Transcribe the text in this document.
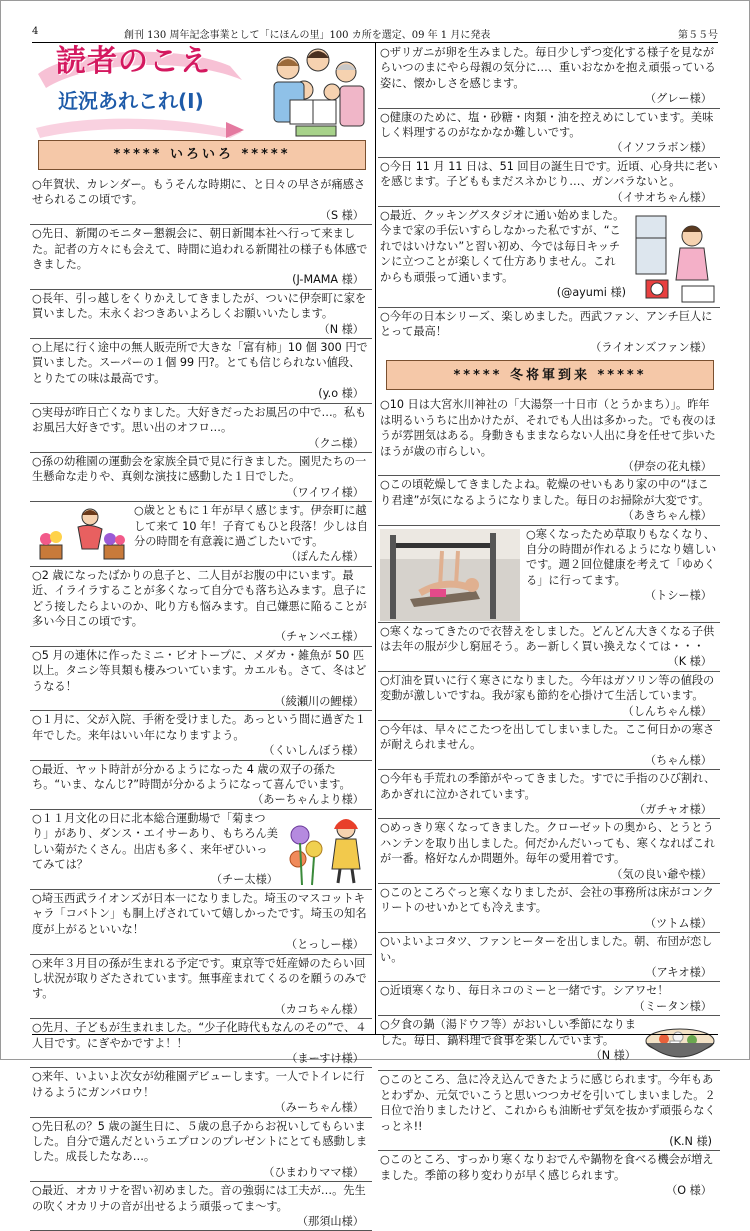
4	創刊 130 周年記念事業として「にほんの里」100 カ所を選定、09 年 1 月に発表	第５５号
読者のこえ
近況あれこれ(Ⅰ)
***** いろいろ *****
○年賀状、カレンダー。もうそんな時期に、と日々の早さが痛感させられるこの頃です。
（S 様）
○先日、新聞のモニター懇親会に、朝日新聞本社へ行って来ました。記者の方々にも会えて、時間に追われる新聞社の様子も体感できました。
(J-MAMA 様）
○長年、引っ越しをくりかえしてきましたが、ついに伊奈町に家を買いました。末永くおつきあいよろしくお願いいたします。
（N 様）
○上尾に行く途中の無人販売所で大きな「富有柿」10 個 300 円で買いました。スーパーの１個 99 円?。とても信じられない値段、とりたての味は最高です。
(y.o 様）
○実母が昨日亡くなりました。大好きだったお風呂の中で…。私もお風呂大好きです。思い出のオフロ…。
（クニ様）
○孫の幼稚園の運動会を家族全員で見に行きました。園児たちの一生懸命な走りや、真剣な演技に感動した１日でした。
（ワイワイ様）
○歳とともに１年が早く感じます。伊奈町に越して来て 10 年！子育てもひと段落！少しは自分の時間を有意義に過ごしたいです。
（ぽんたん様）
○2 歳になったばかりの息子と、二人目がお腹の中にいます。最近、イライラすることが多くなって自分でも落ち込みます。息子にどう接したらよいのか、叱り方も悩みます。自己嫌悪に陥ることが多い今日この頃です。
（チャンベエ様）
○5 月の連休に作ったミニ・ビオトープに、メダカ・雑魚が 50 匹以上。タニシ等貝類も棲みついています。カエルも。さて、冬はどうなる！
（綾瀬川の鯉様）
○１月に、父が入院、手術を受けました。あっという間に過ぎた１年でした。来年はいい年になりますよう。
（くいしんぼう様）
○最近、ヤット時計が分かるようになった 4 歳の双子の孫たち。“いま、なんじ?”時間が分かるようになって喜んでいます。
（あーちゃんより様）
○１１月文化の日に北本総合運動場で「菊まつり」があり、ダンス・エイサーあり、もちろん美しい菊がたくさん。出店も多く、来年ぜひいってみては？
（チー太様）
○埼玉西武ライオンズが日本一になりました。埼玉のマスコットキャラ「コバトン」も胴上げされていて嬉しかったです。埼玉の知名度が上がるといいな！
（とっしー様）
○来年３月目の孫が生まれる予定です。東京等で妊産婦のたらい回し状況が取りざたされています。無事産まれてくるのを願うのみです。
（カコちゃん様）
○先月、子どもが生まれました。“少子化時代もなんのその”で、４人目です。にぎやかですよ！！
（まーすけ様）
○来年、いよいよ次女が幼稚園デビューします。一人でトイレに行けるようにガンバロウ！
（みーちゃん様）
○先日私の？5 歳の誕生日に、５歳の息子からお祝いしてもらいました。自分で選んだというエプロンのプレゼントにとても感動しました。成長したなあ…。
（ひまわりママ様）
○最近、オカリナを習い初めました。音の強弱には工夫が…。先生の吹くオカリナの音が出せるよう頑張ってま～す。
（那須山様）
○ザリガニが卵を生みました。毎日少しずつ変化する様子を見ながらいつのまにやら母親の気分に…、重いおなかを抱え頑張っている姿に、懐かしさを感じます。
（グレー様）
○健康のために、塩・砂糖・肉類・油を控えめにしています。美味しく料理するのがなかなか難しいです。
（イソフラボン様）
○今日 11 月 11 日は、51 回目の誕生日です。近頃、心身共に老いを感じます。子どももまだスネかじり…、ガンバラないと。
（イサオちゃん様）
○最近、クッキングスタジオに通い始めました。今まで家の手伝いすらしなかった私ですが、“これではいけない”と習い初め、今では毎日キッチンに立つことが楽しくて仕方ありません。これからも頑張って通います。
(@ayumi 様)
○今年の日本シリーズ、楽しめました。西武ファン、アンチ巨人にとって最高！
（ライオンズファン様）
***** 冬将軍到来 *****
○10 日は大宮氷川神社の「大湯祭一十日市（とうかまち）」。昨年は明るいうちに出かけたが、それでも人出は多かった。でも夜のほうが雰囲気はある。身動きもままならない人出に身を任せて歩いたほうが歳の市らしい。
（伊奈の花丸様）
○この頃乾燥してきましたよね。乾燥のせいもあり家の中の“ほこり君達”が気になるようになりました。毎日のお掃除が大変です。
（あきちゃん様）
○寒くなったため草取りもなくなり、自分の時間が作れるようになり嬉しいです。週２回位健康を考えて「ゆめくる」に行ってます。
（トシー様）
○寒くなってきたので衣替えをしました。どんどん大きくなる子供は去年の服が少し窮屈そう。あー新しく買い換えなくては・・・
（K 様）
○灯油を買いに行く寒さになりました。今年はガソリン等の値段の変動が激しいですね。我が家も節約を心掛けて生活しています。
（しんちゃん様）
○今年は、早々にこたつを出してしまいました。ここ何日かの寒さが耐えられません。
（ちゃん様）
○今年も手荒れの季節がやってきました。すでに手指のひび割れ、あかぎれに泣かされています。
（ガチャオ様）
○めっきり寒くなってきました。クローゼットの奥から、とうとうハンテンを取り出しました。何だかんだいっても、寒くなればこれが一番。格好なんか問題外。毎年の愛用着です。
（気の良い爺や様）
○このところぐっと寒くなりましたが、会社の事務所は床がコンクリートのせいかとても冷えます。
（ツトム様）
○いよいよコタツ、ファンヒーターを出しました。朝、布団が恋しい。
（アキオ様）
○近頃寒くなり、毎日ネコのミーと一緒です。シアワセ！
（ミータン様）
○夕食の鍋（湯ドウフ等）がおいしい季節になりました。毎日、鍋料理で食事を楽しんでいます。
（N 様）
○このところ、急に冷え込んできたように感じられます。今年もあとわずか、元気でいこうと思いつつカゼを引いてしまいました。２日位で治りましたけど、これからも油断せず気を抜かず頑張らなくっとネ!!
(K.N 様)
○このところ、すっかり寒くなりおでんや鍋物を食べる機会が増えました。季節の移り変わりが早く感じられます。
（O 様）
